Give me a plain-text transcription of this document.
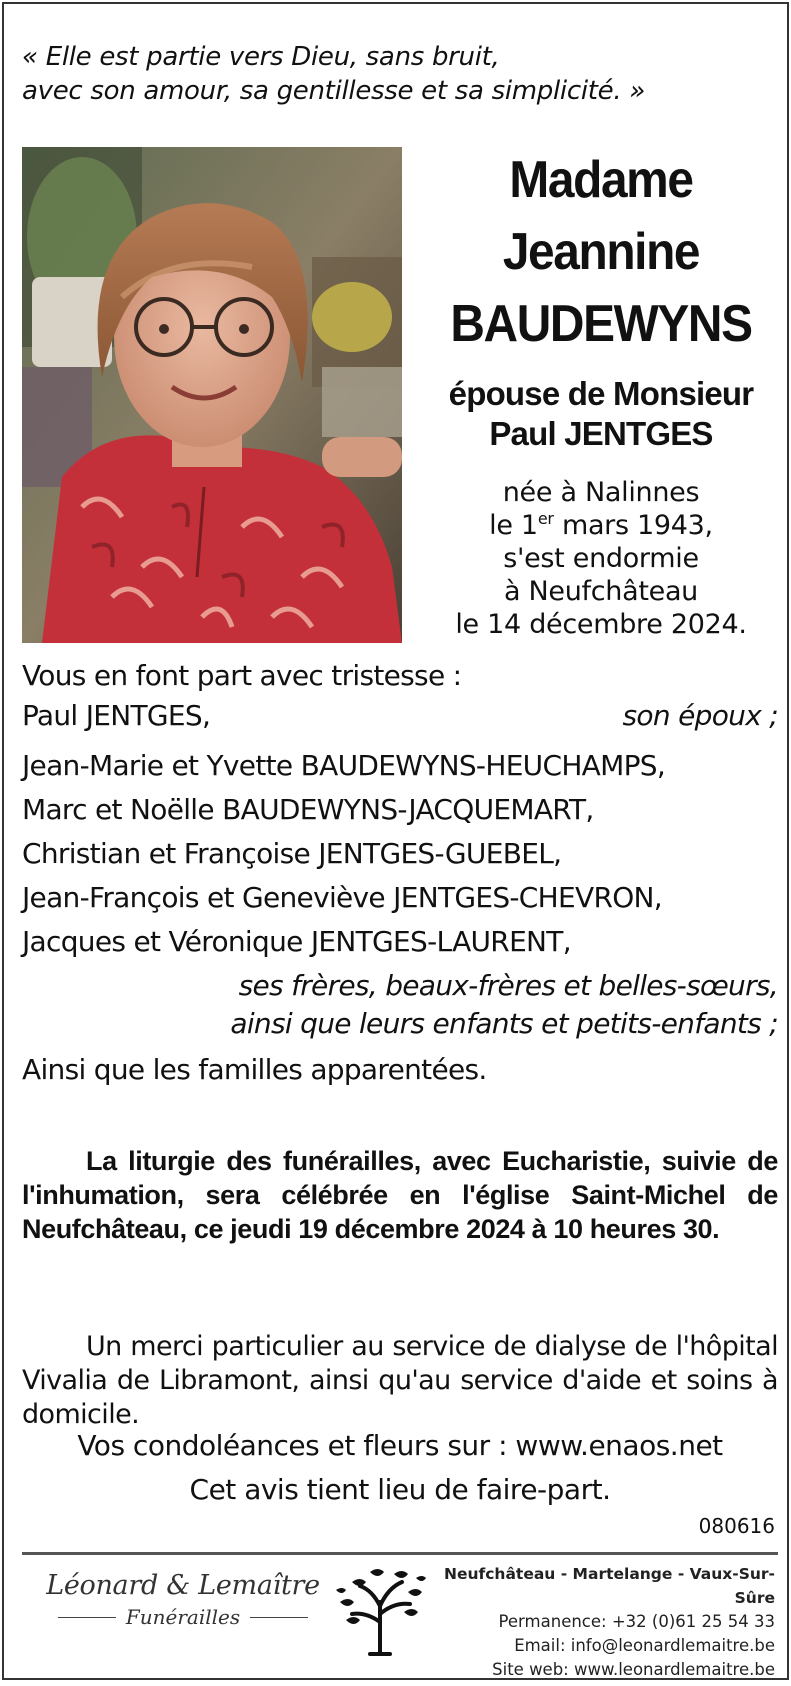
« Elle est partie vers Dieu, sans bruit,
avec son amour, sa gentillesse et sa simplicité. »
Madame
Jeannine
BAUDEWYNS
épouse de Monsieur
Paul JENTGES
née à Nalinnes
le 1er mars 1943,
s'est endormie
à Neufchâteau
le 14 décembre 2024.
Vous en font part avec tristesse :
Paul JENTGES,	son époux ;
Jean-Marie et Yvette BAUDEWYNS-HEUCHAMPS,
Marc et Noëlle BAUDEWYNS-JACQUEMART,
Christian et Françoise JENTGES-GUEBEL,
Jean-François et Geneviève JENTGES-CHEVRON,
Jacques et Véronique JENTGES-LAURENT,
ses frères, beaux-frères et belles-sœurs,
ainsi que leurs enfants et petits-enfants ;
Ainsi que les familles apparentées.
La liturgie des funérailles, avec Eucharistie, suivie de l'inhumation, sera célébrée en l'église Saint-Michel de Neufchâteau, ce jeudi 19 décembre 2024 à 10 heures 30.
Un merci particulier au service de dialyse de l'hôpital Vivalia de Libramont, ainsi qu'au service d'aide et soins à domicile.
Vos condoléances et fleurs sur : www.enaos.net
Cet avis tient lieu de faire-part.
080616
Léonard & Lemaître
Funérailles
Neufchâteau - Martelange - Vaux-Sur-Sûre
Permanence: +32 (0)61 25 54 33
Email: info@leonardlemaitre.be
Site web: www.leonardlemaitre.be
